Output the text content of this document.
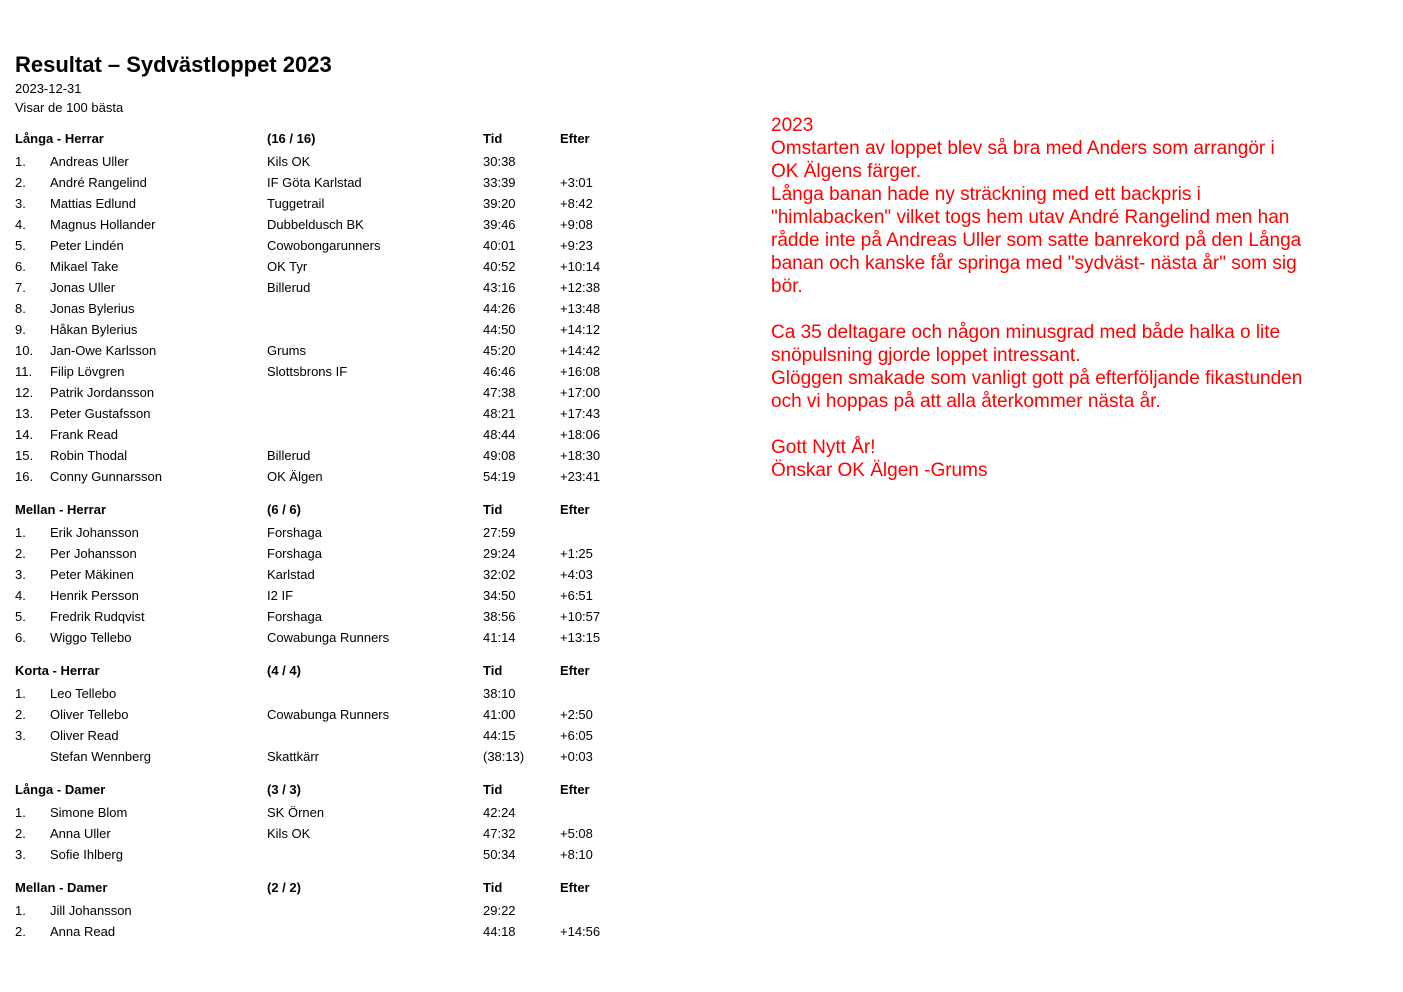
Resultat – Sydvästloppet 2023
2023-12-31
Visar de 100 bästa
Långa - Herrar		(16 / 16)	Tid	Efter
1.	Andreas Uller	Kils OK	30:38	
2.	André Rangelind	IF Göta Karlstad	33:39	+3:01
3.	Mattias Edlund	Tuggetrail	39:20	+8:42
4.	Magnus Hollander	Dubbeldusch BK	39:46	+9:08
5.	Peter Lindén	Cowobongarunners	40:01	+9:23
6.	Mikael Take	OK Tyr	40:52	+10:14
7.	Jonas Uller	Billerud	43:16	+12:38
8.	Jonas Bylerius		44:26	+13:48
9.	Håkan Bylerius		44:50	+14:12
10.	Jan-Owe Karlsson	Grums	45:20	+14:42
11.	Filip Lövgren	Slottsbrons IF	46:46	+16:08
12.	Patrik Jordansson		47:38	+17:00
13.	Peter Gustafsson		48:21	+17:43
14.	Frank Read		48:44	+18:06
15.	Robin Thodal	Billerud	49:08	+18:30
16.	Conny Gunnarsson	OK Älgen	54:19	+23:41
Mellan - Herrar		(6 / 6)	Tid	Efter
1.	Erik Johansson	Forshaga	27:59	
2.	Per Johansson	Forshaga	29:24	+1:25
3.	Peter Mäkinen	Karlstad	32:02	+4:03
4.	Henrik Persson	I2 IF	34:50	+6:51
5.	Fredrik Rudqvist	Forshaga	38:56	+10:57
6.	Wiggo Tellebo	Cowabunga Runners	41:14	+13:15
Korta - Herrar		(4 / 4)	Tid	Efter
1.	Leo Tellebo		38:10	
2.	Oliver Tellebo	Cowabunga Runners	41:00	+2:50
3.	Oliver Read		44:15	+6:05
	Stefan Wennberg	Skattkärr	(38:13)	+0:03
Långa - Damer		(3 / 3)	Tid	Efter
1.	Simone Blom	SK Örnen	42:24	
2.	Anna Uller	Kils OK	47:32	+5:08
3.	Sofie Ihlberg		50:34	+8:10
Mellan - Damer		(2 / 2)	Tid	Efter
1.	Jill Johansson		29:22	
2.	Anna Read		44:18	+14:56

2023

Omstarten av loppet blev så bra med Anders som arrangör i

OK Älgens färger.

Långa banan hade ny sträckning med ett backpris i

"himlabacken" vilket togs hem utav André Rangelind men han

rådde inte på Andreas Uller som satte banrekord på den Långa

banan och kanske får springa med "sydväst- nästa år" som sig

bör.

Ca 35 deltagare och någon minusgrad med både halka o lite

snöpulsning gjorde loppet intressant.

Glöggen smakade som vanligt gott på efterföljande fikastunden

och vi hoppas på att alla återkommer nästa år.

Gott Nytt År!

Önskar OK Älgen -Grums
